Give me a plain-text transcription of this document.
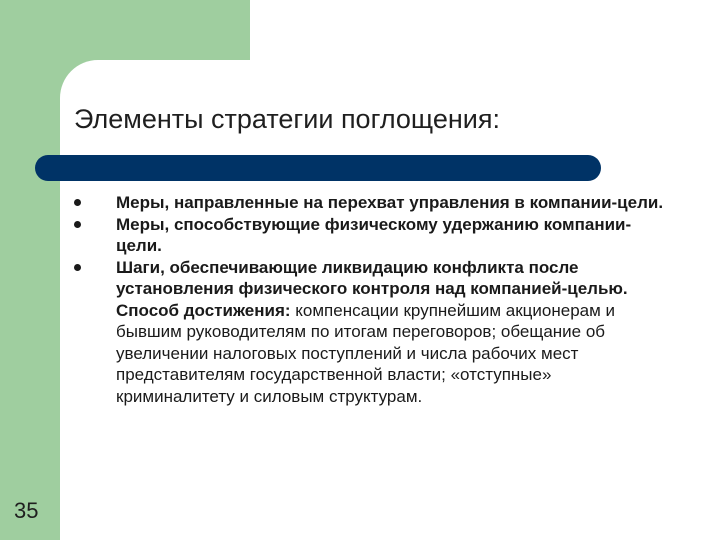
Элементы стратегии поглощения:
Меры, направленные на перехват управления в компании-цели.
Меры, способствующие физическому удержанию компании-цели.
Шаги, обеспечивающие ликвидацию конфликта после установления физического контроля над компанией-целью. Способ достижения: компенсации крупнейшим акционерам и бывшим руководителям по итогам переговоров; обещание об увеличении налоговых поступлений и числа рабочих мест представителям государственной власти; «отступные» криминалитету и силовым структурам.
35
